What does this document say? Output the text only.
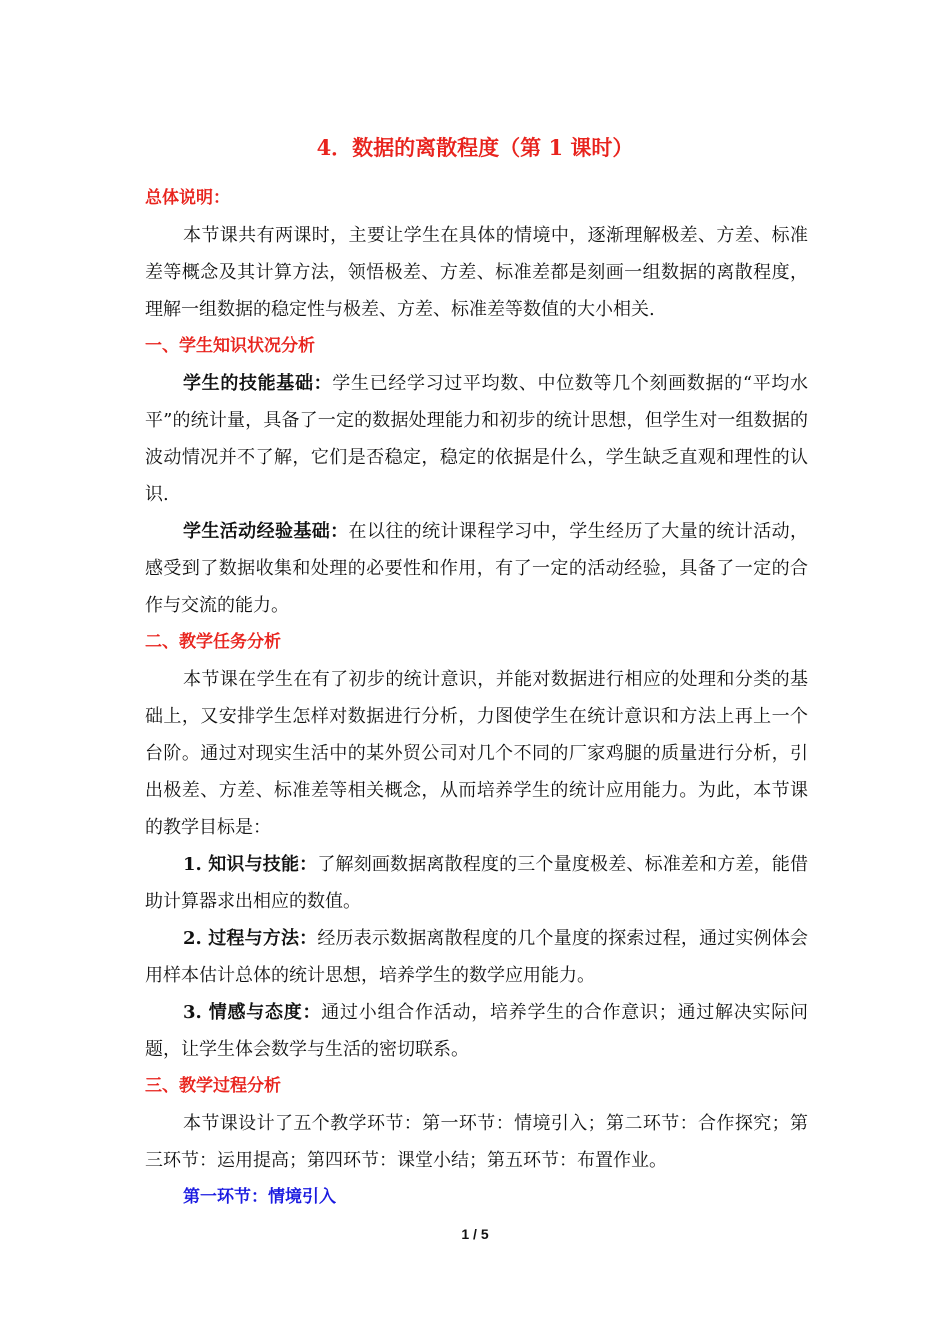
4．数据的离散程度（第 1 课时）
总体说明：

本节课共有两课时，主要让学生在具体的情境中，逐渐理解极差、方差、标准差等概念及其计算方法，领悟极差、方差、标准差都是刻画一组数据的离散程度，理解一组数据的稳定性与极差、方差、标准差等数值的大小相关.

一、学生知识状况分析

学生的技能基础：学生已经学习过平均数、中位数等几个刻画数据的“平均水平”的统计量，具备了一定的数据处理能力和初步的统计思想，但学生对一组数据的波动情况并不了解，它们是否稳定，稳定的依据是什么，学生缺乏直观和理性的认识.

学生活动经验基础：在以往的统计课程学习中，学生经历了大量的统计活动，感受到了数据收集和处理的必要性和作用，有了一定的活动经验，具备了一定的合作与交流的能力。

二、教学任务分析

本节课在学生在有了初步的统计意识，并能对数据进行相应的处理和分类的基础上，又安排学生怎样对数据进行分析，力图使学生在统计意识和方法上再上一个台阶。通过对现实生活中的某外贸公司对几个不同的厂家鸡腿的质量进行分析，引出极差、方差、标准差等相关概念，从而培养学生的统计应用能力。为此，本节课的教学目标是：

1. 知识与技能：了解刻画数据离散程度的三个量度极差、标准差和方差，能借助计算器求出相应的数值。

2. 过程与方法：经历表示数据离散程度的几个量度的探索过程，通过实例体会用样本估计总体的统计思想，培养学生的数学应用能力。

3. 情感与态度：通过小组合作活动，培养学生的合作意识；通过解决实际问题，让学生体会数学与生活的密切联系。

三、教学过程分析

本节课设计了五个教学环节：第一环节：情境引入；第二环节：合作探究；第三环节：运用提高；第四环节：课堂小结；第五环节：布置作业。

第一环节：情境引入
1 / 5
